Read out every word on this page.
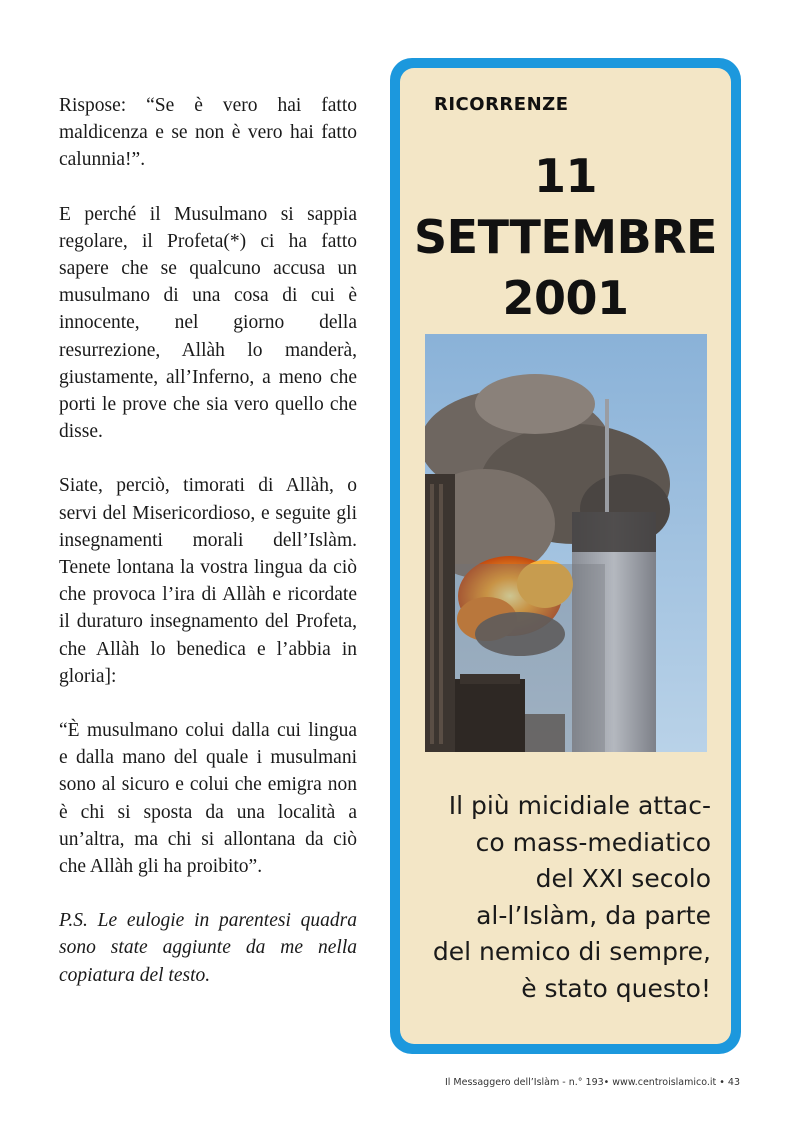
Rispose: “Se è vero hai fatto maldicenza e se non è vero hai fatto calunnia!”.

E perché il Musulmano si sappia regolare, il Profeta(*) ci ha fatto sapere che se qualcuno accusa un musulmano di una cosa di cui è innocente, nel giorno della resurrezione, Allàh lo manderà, giustamente, all’Inferno, a meno che porti le prove che sia vero quello che disse.

Siate, perciò, timorati di Allàh, o servi del Misericordioso, e seguite gli insegnamenti morali dell’Islàm. Tenete lontana la vostra lingua da ciò che provoca l’ira di Allàh e ricordate il duraturo insegnamento del Profeta, che Allàh lo benedica e l’abbia in gloria]:

“È musulmano colui dalla cui lingua e dalla mano del quale i musulmani sono al sicuro e colui che emigra non è chi si sposta da una località a un’altra, ma chi si allontana da ciò che Allàh gli ha proibito”.

P.S. Le eulogie in parentesi quadra sono state aggiunte da me nella copiatura del testo.

RICORRENZE
11
SETTEMBRE
2001
Il più micidiale attac-
co mass-mediatico
del XXI secolo
al-l’Islàm, da parte
del nemico di sempre,
è stato questo!
Il Messaggero dell’Islàm - n.° 193• www.centroislamico.it • 43
